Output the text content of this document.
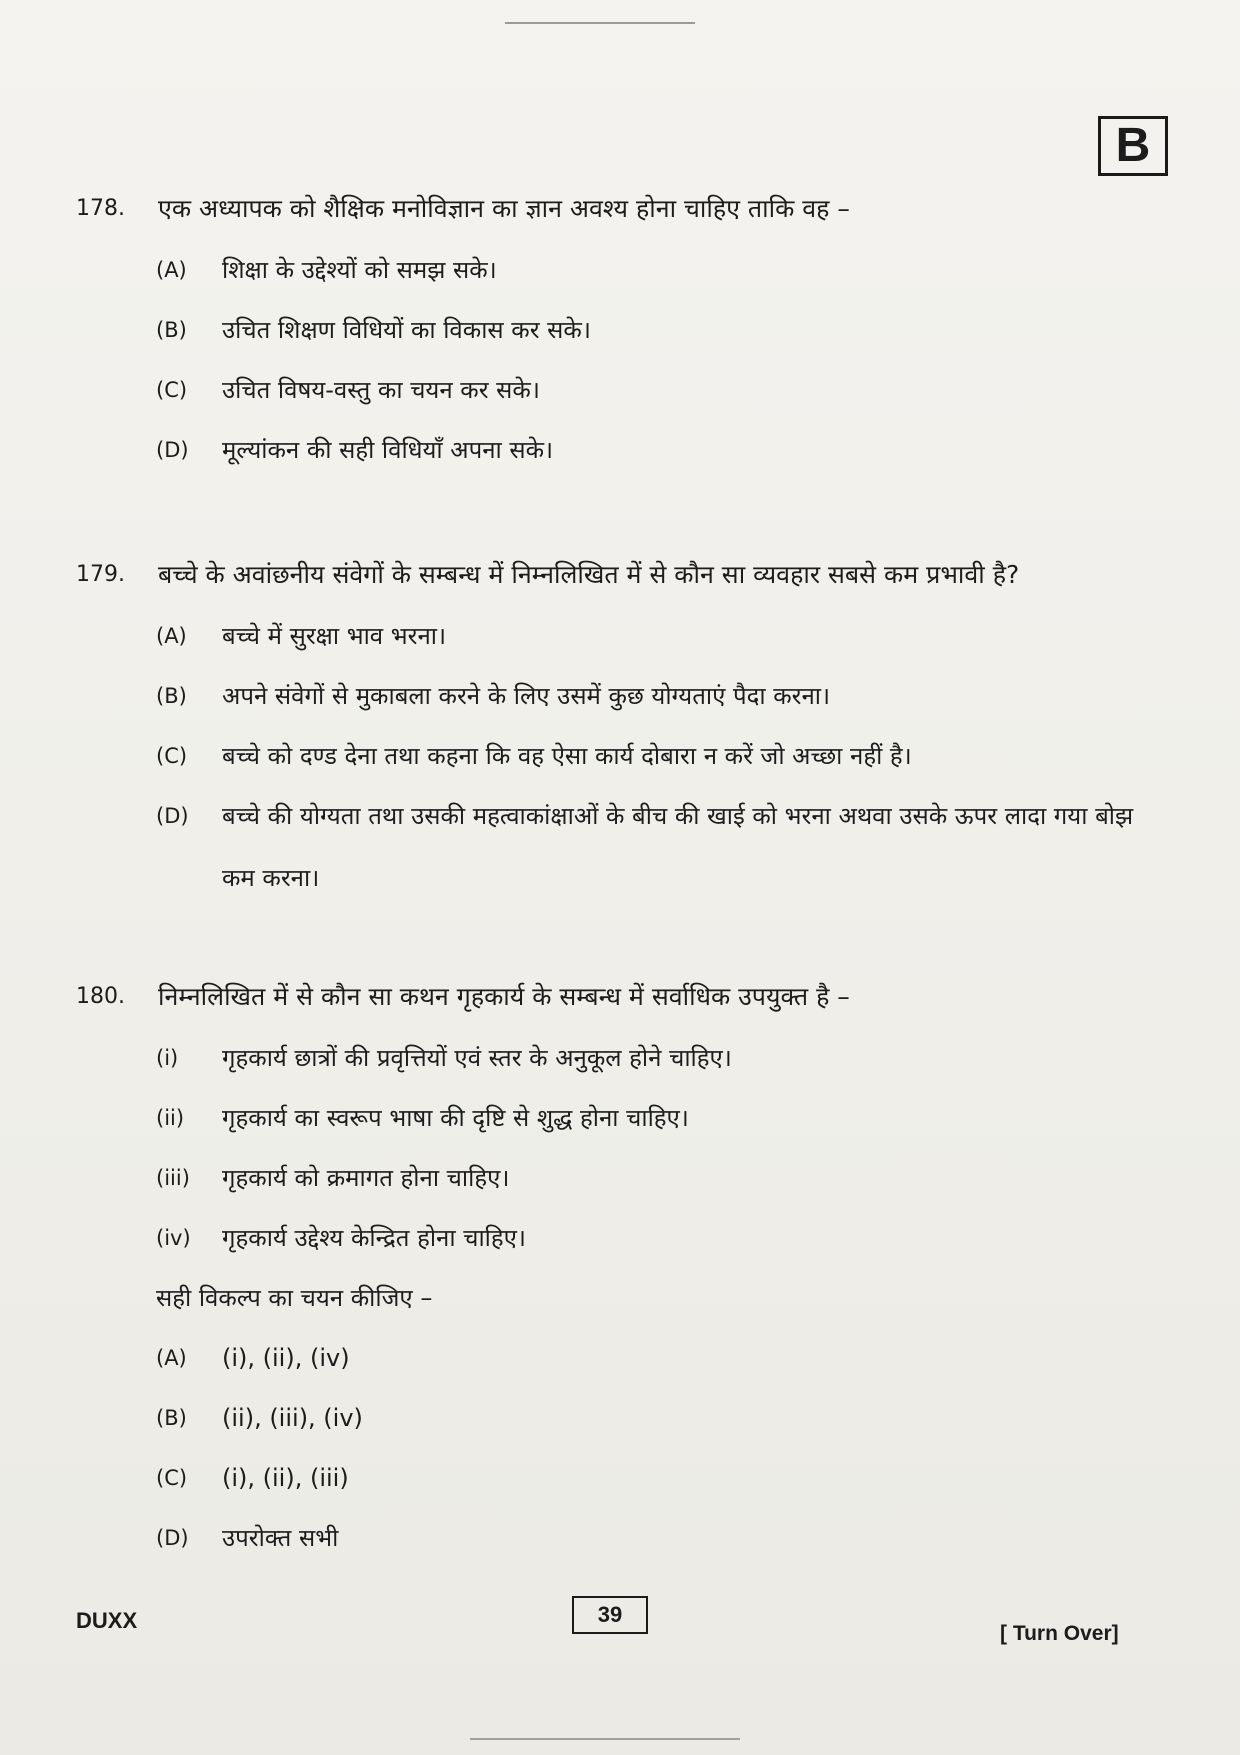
B
178.	एक अध्यापक को शैक्षिक मनोविज्ञान का ज्ञान अवश्य होना चाहिए ताकि वह –
(A)	शिक्षा के उद्देश्यों को समझ सके।
(B)	उचित शिक्षण विधियों का विकास कर सके।
(C)	उचित विषय-वस्तु का चयन कर सके।
(D)	मूल्यांकन की सही विधियाँ अपना सके।
179.	बच्चे के अवांछनीय संवेगों के सम्बन्ध में निम्नलिखित में से कौन सा व्यवहार सबसे कम प्रभावी है?
(A)	बच्चे में सुरक्षा भाव भरना।
(B)	अपने संवेगों से मुकाबला करने के लिए उसमें कुछ योग्यताएं पैदा करना।
(C)	बच्चे को दण्ड देना तथा कहना कि वह ऐसा कार्य दोबारा न करें जो अच्छा नहीं है।
(D)	बच्चे की योग्यता तथा उसकी महत्वाकांक्षाओं के बीच की खाई को भरना अथवा उसके ऊपर लादा गया बोझ कम करना।
180.	निम्नलिखित में से कौन सा कथन गृहकार्य के सम्बन्ध में सर्वाधिक उपयुक्त है –
(i)	गृहकार्य छात्रों की प्रवृत्तियों एवं स्तर के अनुकूल होने चाहिए।
(ii)	गृहकार्य का स्वरूप भाषा की दृष्टि से शुद्ध होना चाहिए।
(iii)	गृहकार्य को क्रमागत होना चाहिए।
(iv)	गृहकार्य उद्देश्य केन्द्रित होना चाहिए।
सही विकल्प का चयन कीजिए –
(A)	(i), (ii), (iv)
(B)	(ii), (iii), (iv)
(C)	(i), (ii), (iii)
(D)	उपरोक्त सभी
DUXX	39
[ Turn Over]
